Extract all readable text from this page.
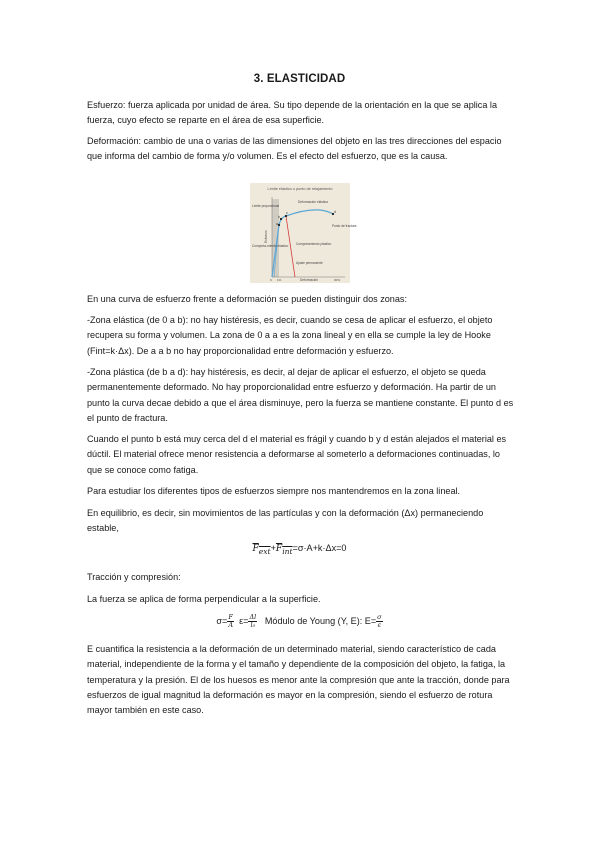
3. ELASTICIDAD

Esfuerzo: fuerza aplicada por unidad de área. Su tipo depende de la orientación en la que se aplica la fuerza, cuyo efecto se reparte en el área de esa superficie.

Deformación: cambio de una o varias de las dimensiones del objeto en las tres direcciones del espacio que informa del cambio de forma y/o volumen. Es el efecto del esfuerzo, que es la causa.

Límite elástico o punto de relajamiento
a
b
c	d
Límite proporcional
Deformación elástica
Punto de fractura
Comporta-miento elástico Comportamiento plástico
Ajuste permanente
Deformación
Esfuerzo
0 1%	30%

En una curva de esfuerzo frente a deformación se pueden distinguir dos zonas:

-Zona elástica (de 0 a b): no hay histéresis, es decir, cuando se cesa de aplicar el esfuerzo, el objeto recupera su forma y volumen. La zona de 0 a a es la zona lineal y en ella se cumple la ley de Hooke (Fint=k·Δx). De a a b no hay proporcionalidad entre deformación y esfuerzo.

-Zona plástica (de b a d): hay histéresis, es decir, al dejar de aplicar el esfuerzo, el objeto se queda permanentemente deformado. No hay proporcionalidad entre esfuerzo y deformación. Ha partir de un punto la curva decae debido a que el área disminuye, pero la fuerza se mantiene constante. El punto d es el punto de fractura.

Cuando el punto b está muy cerca del d el material es frágil y cuando b y d están alejados el material es dúctil. El material ofrece menor resistencia a deformarse al someterlo a deformaciones continuadas, lo que se conoce como fatiga.

Para estudiar los diferentes tipos de esfuerzos siempre nos mantendremos en la zona lineal.

En equilibrio, es decir, sin movimientos de las partículas y con la deformación (Δx) permaneciendo estable,

$F_{ext}+F_{int}=\sigma\cdot A+k\cdot\Delta x=0$

Tracción y compresión:

La fuerza se aplica de forma perpendicular a la superficie.

$\sigma= \frac{F}{A} \varepsilon= \frac{\Delta l}{\text{l₀}}$ Módulo de Young (Y, E): $E= \frac{\sigma}{\varepsilon}$

E cuantifica la resistencia a la deformación de un determinado material, siendo característico de cada material, independiente de la forma y el tamaño y dependiente de la composición del objeto, la fatiga, la temperatura y la presión. El de los huesos es menor ante la compresión que ante la tracción, donde para esfuerzos de igual magnitud la deformación es mayor en la compresión, siendo el esfuerzo de rotura mayor también en este caso.
